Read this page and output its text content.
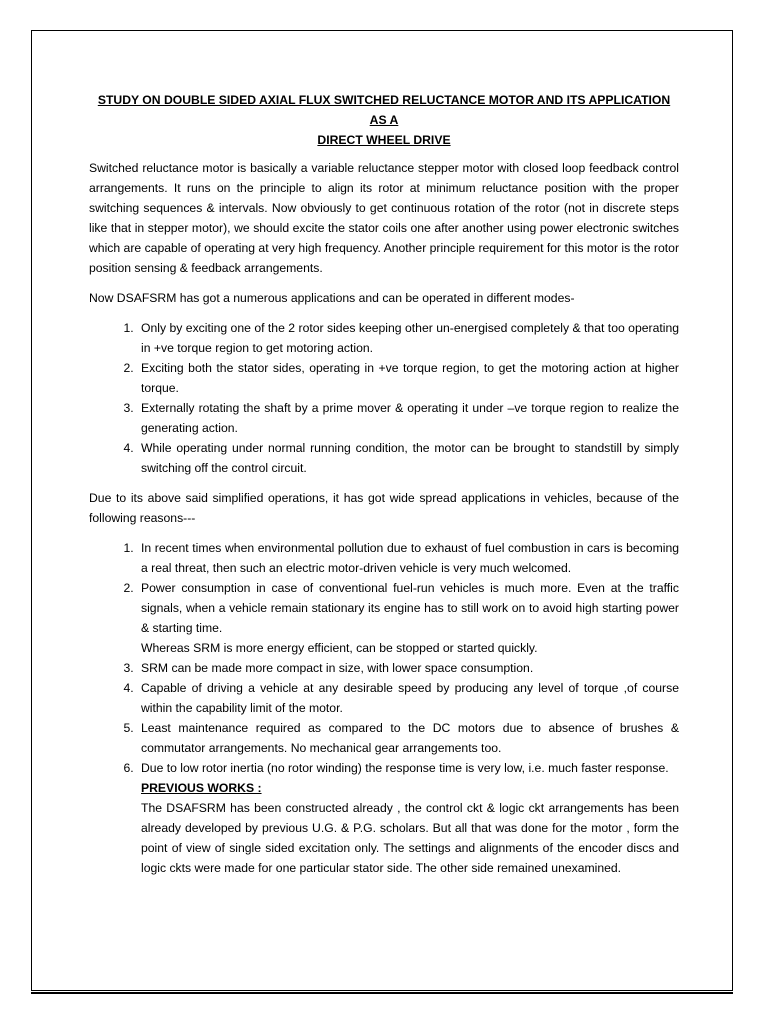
STUDY ON DOUBLE SIDED AXIAL FLUX SWITCHED RELUCTANCE MOTOR AND ITS APPLICATION AS A
DIRECT WHEEL DRIVE

Switched reluctance motor is basically a variable reluctance stepper motor with closed loop feedback control arrangements. It runs on the principle to align its rotor at minimum reluctance position with the proper switching sequences & intervals. Now obviously to get continuous rotation of the rotor (not in discrete steps like that in stepper motor), we should excite the stator coils one after another using power electronic switches which are capable of operating at very high frequency. Another principle requirement for this motor is the rotor position sensing & feedback arrangements.

Now DSAFSRM has got a numerous applications and can be operated in different modes-

1. Only by exciting one of the 2 rotor sides keeping other un-energised completely & that too operating in +ve torque region to get motoring action.
2. Exciting both the stator sides, operating in +ve torque region, to get the motoring action at higher torque.
3. Externally rotating the shaft by a prime mover & operating it under –ve torque region to realize the generating action.
4. While operating under normal running condition, the motor can be brought to standstill by simply switching off the control circuit.

Due to its above said simplified operations, it has got wide spread applications in vehicles, because of the following reasons---

1. In recent times when environmental pollution due to exhaust of fuel combustion in cars is becoming a real threat, then such an electric motor-driven vehicle is very much welcomed.
2. Power consumption in case of conventional fuel-run vehicles is much more. Even at the traffic signals, when a vehicle remain stationary its engine has to still work on to avoid high starting power & starting time.
Whereas SRM is more energy efficient, can be stopped or started quickly.
3. SRM can be made more compact in size, with lower space consumption.
4. Capable of driving a vehicle at any desirable speed by producing any level of torque ,of course within the capability limit of the motor.
5. Least maintenance required as compared to the DC motors due to absence of brushes & commutator arrangements. No mechanical gear arrangements too.
6. Due to low rotor inertia (no rotor winding) the response time is very low, i.e. much faster response.
PREVIOUS WORKS :
The DSAFSRM has been constructed already , the control ckt & logic ckt arrangements has been already developed by previous U.G. & P.G. scholars. But all that was done for the motor , form the point of view of single sided excitation only. The settings and alignments of the encoder discs and logic ckts were made for one particular stator side. The other side remained unexamined.
